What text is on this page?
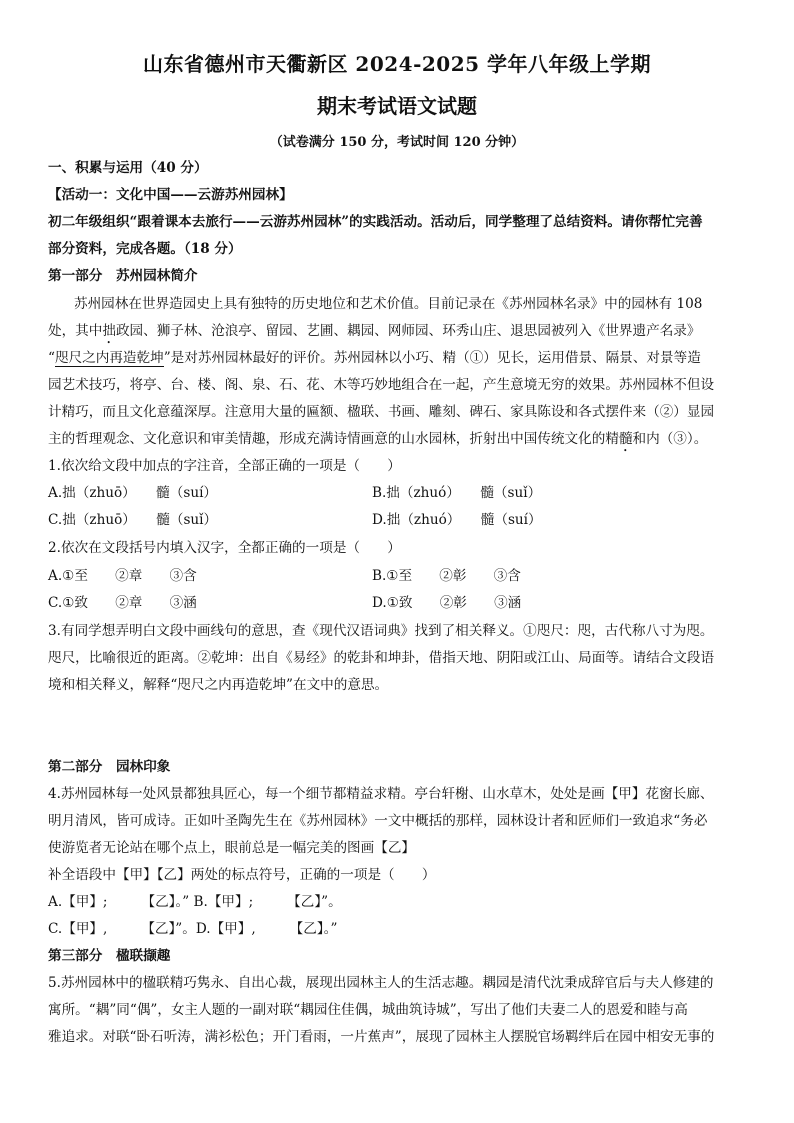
山东省德州市天衢新区 2024-2025 学年八年级上学期
期末考试语文试题
（试卷满分 150 分，考试时间 120 分钟）
一、积累与运用（40 分）
【活动一：文化中国——云游苏州园林】
初二年级组织“跟着课本去旅行——云游苏州园林”的实践活动。活动后，同学整理了总结资料。请你帮忙完善
部分资料，完成各题。（18 分）
第一部分　苏州园林简介
苏州园林在世界造园史上具有独特的历史地位和艺术价值。目前记录在《苏州园林名录》中的园林有 108
处，其中拙政园、狮子林、沧浪亭、留园、艺圃、耦园、网师园、环秀山庄、退思园被列入《世界遗产名录》
“咫尺之内再造乾坤”是对苏州园林最好的评价。苏州园林以小巧、精（①）见长，运用借景、隔景、对景等造
园艺术技巧，将亭、台、楼、阁、泉、石、花、木等巧妙地组合在一起，产生意境无穷的效果。苏州园林不但设
计精巧，而且文化意蕴深厚。注意用大量的匾额、楹联、书画、雕刻、碑石、家具陈设和各式摆件来（②）显园
主的哲理观念、文化意识和审美情趣，形成充满诗情画意的山水园林，折射出中国传统文化的精髓和内（③）。
1.依次给文段中加点的字注音，全部正确的一项是（　　）
A.拙（zhuō）　　髓（suí）	B.拙（zhuó）　　髓（suǐ）
C.拙（zhuō）　　髓（suǐ）	D.拙（zhuó）　　髓（suí）
2.依次在文段括号内填入汉字，全都正确的一项是（　　）
A.①至　　②章　　③含	B.①至　　②彰　　③含
C.①致　　②章　　③涵	D.①致　　②彰　　③涵
3.有同学想弄明白文段中画线句的意思，查《现代汉语词典》找到了相关释义。①咫尺：咫，古代称八寸为咫。
咫尺，比喻很近的距离。②乾坤：出自《易经》的乾卦和坤卦，借指天地、阴阳或江山、局面等。请结合文段语
境和相关释义，解释“咫尺之内再造乾坤”在文中的意思。
第二部分　园林印象
4.苏州园林每一处风景都独具匠心，每一个细节都精益求精。亭台轩榭、山水草木，处处是画【甲】花窗长廊、
明月清风，皆可成诗。正如叶圣陶先生在《苏州园林》一文中概括的那样，园林设计者和匠师们一致追求“务必
使游览者无论站在哪个点上，眼前总是一幅完美的图画【乙】
补全语段中【甲】【乙】两处的标点符号，正确的一项是（　　）
A.【甲】;　　　【乙】。” B.【甲】;　　　【乙】”。
C.【甲】,　　　【乙】”。D.【甲】,　　　【乙】。”
第三部分　楹联撷趣
5.苏州园林中的楹联精巧隽永、自出心裁，展现出园林主人的生活志趣。耦园是清代沈秉成辞官后与夫人修建的
寓所。“耦”同“偶”，女主人题的一副对联“耦园住佳偶，城曲筑诗城”，写出了他们夫妻二人的恩爱和睦与高
雅追求。对联“卧石听涛，满衫松色；开门看雨，一片蕉声”，展现了园林主人摆脱官场羁绊后在园中相安无事的
